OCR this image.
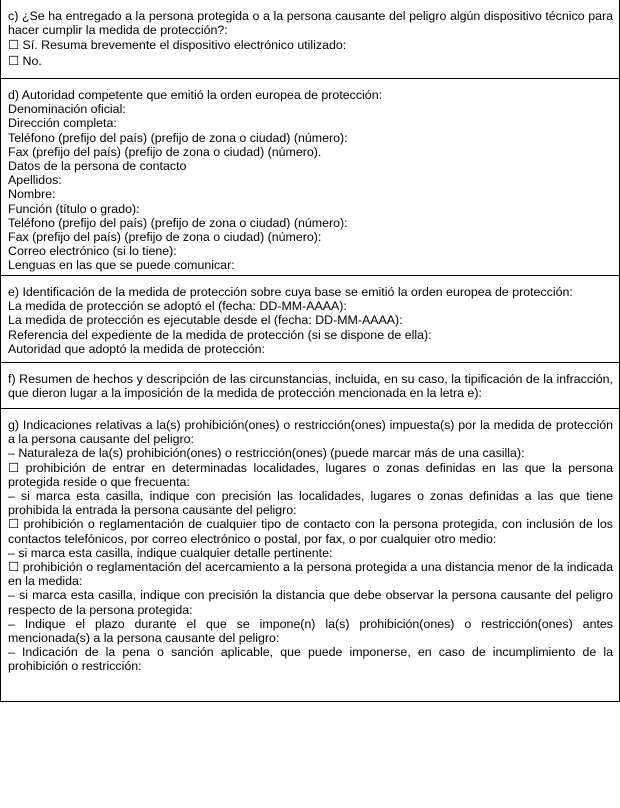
c) ¿Se ha entregado a la persona protegida o a la persona causante del peligro algún dispositivo técnico para hacer cumplir la medida de protección?:
☐ Sí. Resuma brevemente el dispositivo electrónico utilizado:
☐ No.
d) Autoridad competente que emitió la orden europea de protección:
Denominación oficial:
Dirección completa:
Teléfono (prefijo del país) (prefijo de zona o ciudad) (número):
Fax (prefijo del país) (prefijo de zona o ciudad) (número).
Datos de la persona de contacto
Apellidos:
Nombre:
Función (título o grado):
Teléfono (prefijo del país) (prefijo de zona o ciudad) (número):
Fax (prefijo del país) (prefijo de zona o ciudad) (número):
Correo electrónico (si lo tiene):
Lenguas en las que se puede comunicar:
e) Identificación de la medida de protección sobre cuya base se emitió la orden europea de protección:
La medida de protección se adoptó el (fecha: DD-MM-AAAA):
La medida de protección es ejecutable desde el (fecha: DD-MM-AAAA):
Referencia del expediente de la medida de protección (si se dispone de ella):
Autoridad que adoptó la medida de protección:
f) Resumen de hechos y descripción de las circunstancias, incluida, en su caso, la tipificación de la infracción, que dieron lugar a la imposición de la medida de protección mencionada en la letra e):
g) Indicaciones relativas a la(s) prohibición(ones) o restricción(ones) impuesta(s) por la medida de protección a la persona causante del peligro:
– Naturaleza de la(s) prohibición(ones) o restricción(ones) (puede marcar más de una casilla):
☐ prohibición de entrar en determinadas localidades, lugares o zonas definidas en las que la persona protegida reside o que frecuenta:
– si marca esta casilla, indique con precisión las localidades, lugares o zonas definidas a las que tiene prohibida la entrada la persona causante del peligro:
☐ prohibición o reglamentación de cualquier tipo de contacto con la persona protegida, con inclusión de los contactos telefónicos, por correo electrónico o postal, por fax, o por cualquier otro medio:
– si marca esta casilla, indique cualquier detalle pertinente:
☐ prohibición o reglamentación del acercamiento a la persona protegida a una distancia menor de la indicada en la medida:
– si marca esta casilla, indique con precisión la distancia que debe observar la persona causante del peligro respecto de la persona protegida:
– Indique el plazo durante el que se impone(n) la(s) prohibición(ones) o restricción(ones) antes mencionada(s) a la persona causante del peligro:
– Indicación de la pena o sanción aplicable, que puede imponerse, en caso de incumplimiento de la prohibición o restricción:
